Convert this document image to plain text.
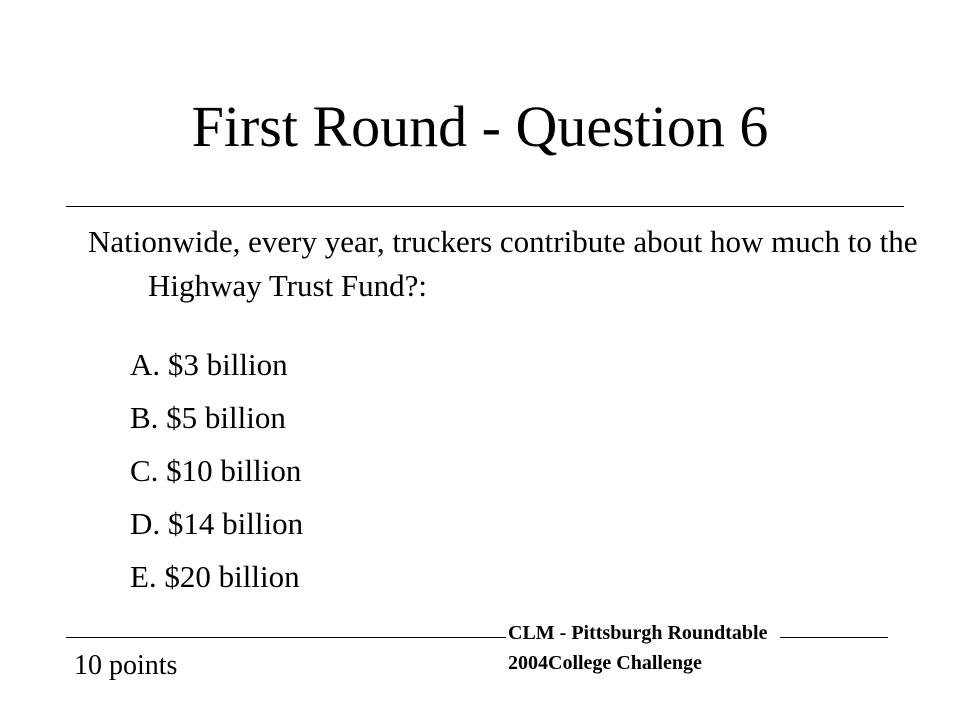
First Round - Question 6
Nationwide, every year, truckers contribute about how much to the Highway Trust Fund?:
A. $3 billion
B. $5 billion
C. $10 billion
D. $14 billion
E. $20 billion
10 points
CLM - Pittsburgh Roundtable
2004College Challenge
